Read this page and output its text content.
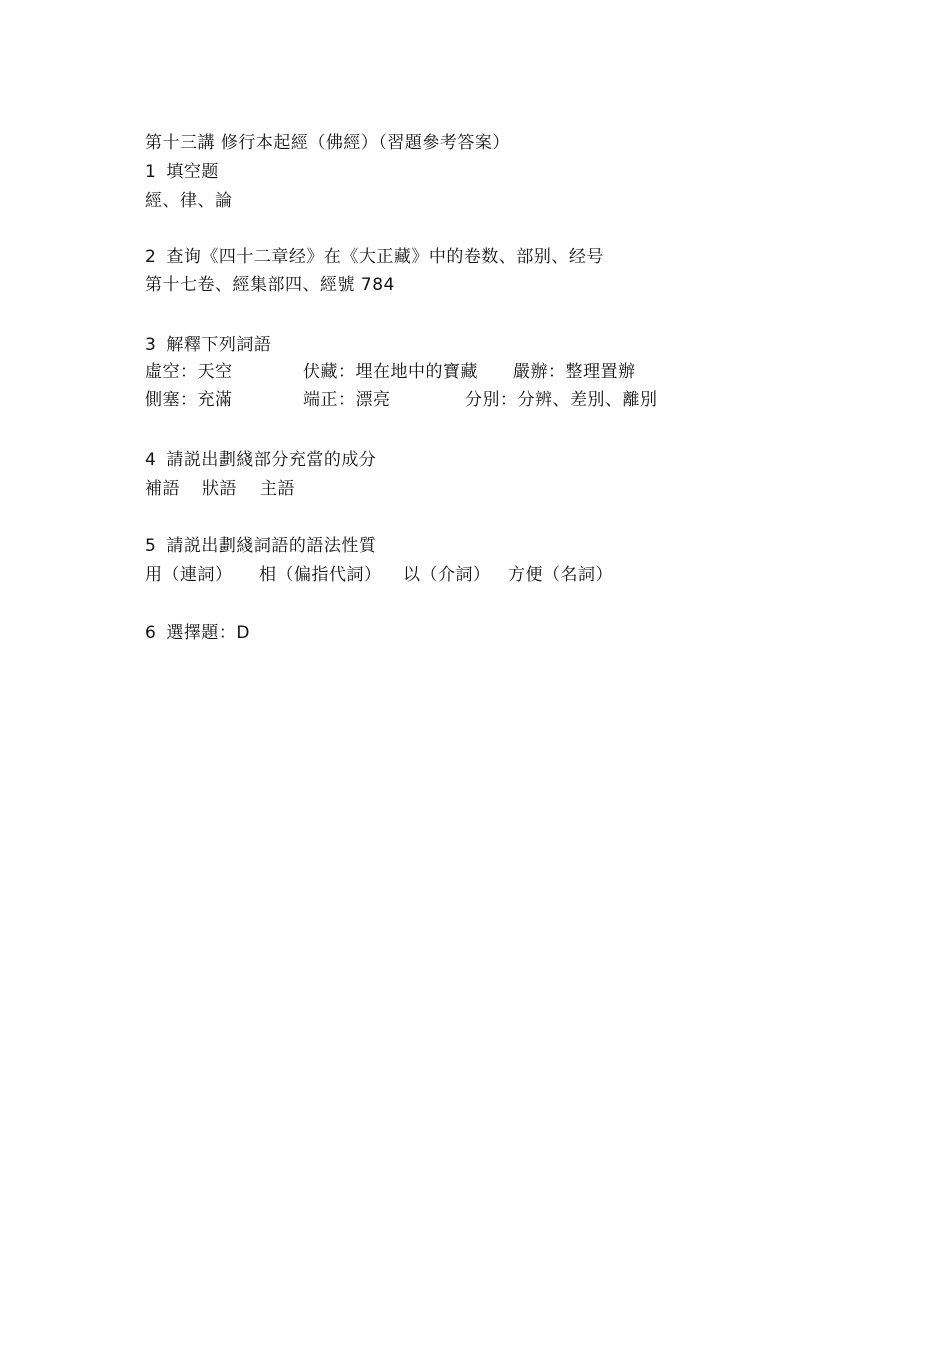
第十三講 修行本起經（佛經）（習題參考答案）
1 填空题
經、律、論
2 查询《四十二章经》在《大正藏》中的卷数、部别、经号
第十七卷、經集部四、經號 784
3 解釋下列詞語
虛空：天空	伏藏：埋在地中的寶藏 嚴辦：整理置辦
側塞：充滿	端正：漂亮	分別：分辨、差別、離別
4 請説出劃綫部分充當的成分
補語 狀語 主語
5 請説出劃綫詞語的語法性質
用（連詞） 相（偏指代詞） 以（介詞） 方便（名詞）
6 選擇題：D
